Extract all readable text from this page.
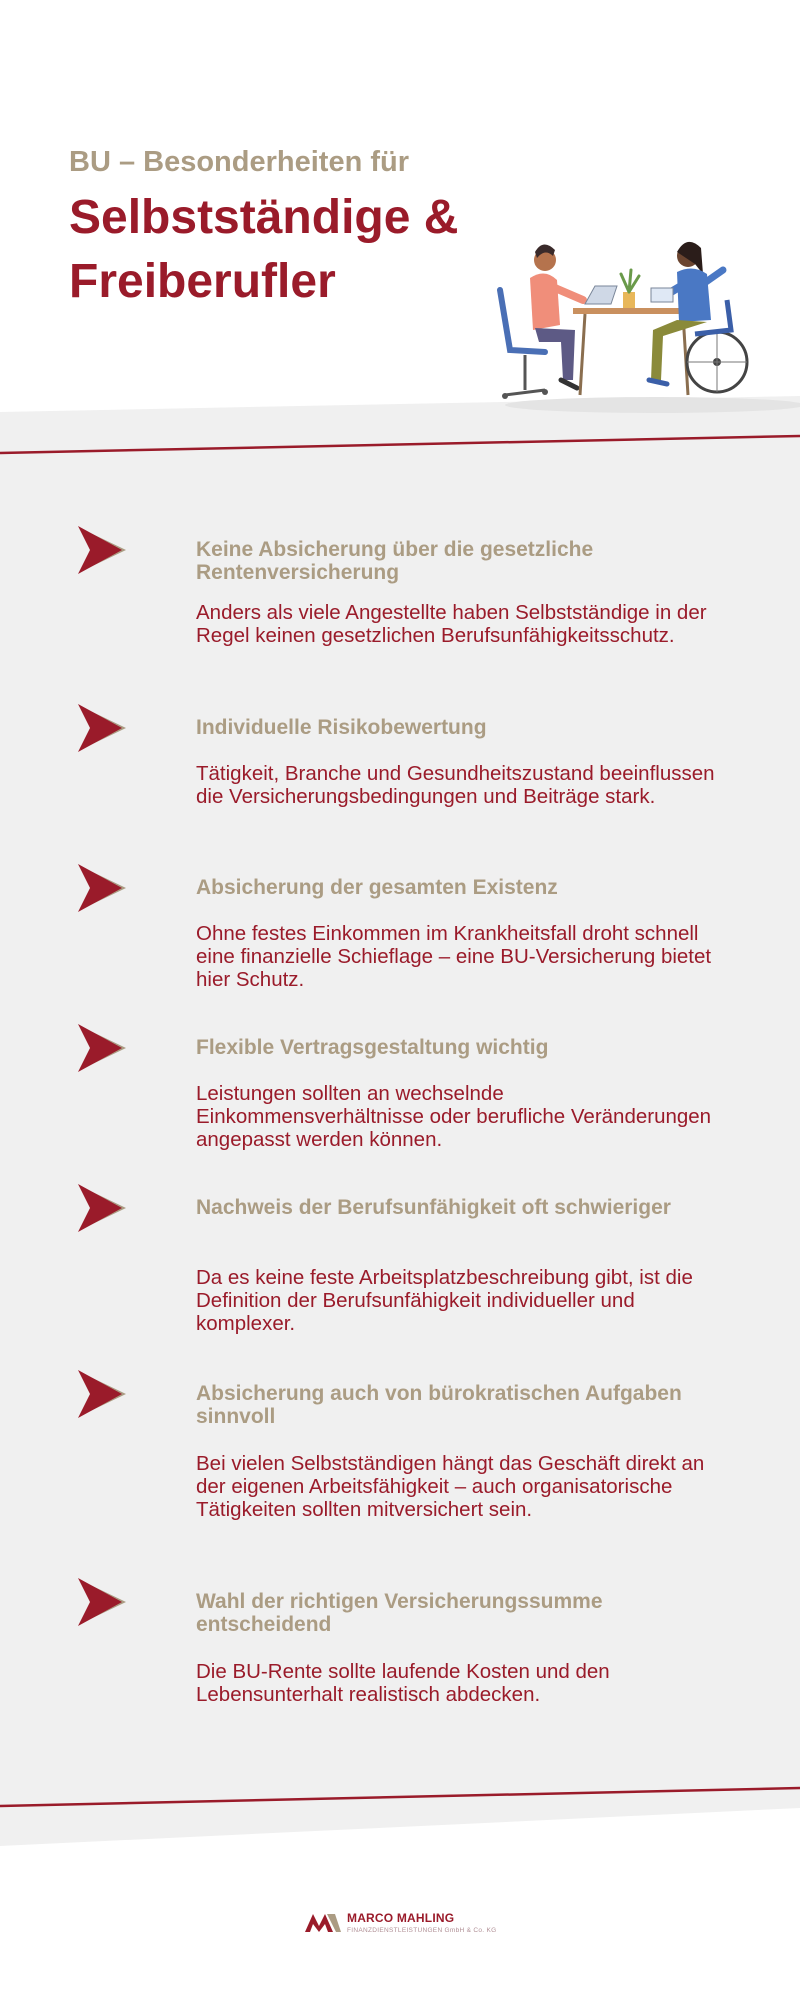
BU – Besonderheiten für
Selbstständige & Freiberufler
Keine Absicherung über die gesetzliche Rentenversicherung
Anders als viele Angestellte haben Selbstständige in der Regel keinen gesetzlichen Berufsunfähigkeitsschutz.
Individuelle Risikobewertung
Tätigkeit, Branche und Gesundheitszustand beeinflussen die Versicherungsbedingungen und Beiträge stark.
Absicherung der gesamten Existenz
Ohne festes Einkommen im Krankheitsfall droht schnell eine finanzielle Schieflage – eine BU-Versicherung bietet hier Schutz.
Flexible Vertragsgestaltung wichtig
Leistungen sollten an wechselnde Einkommensverhältnisse oder berufliche Veränderungen angepasst werden können.
Nachweis der Berufsunfähigkeit oft schwieriger
Da es keine feste Arbeitsplatzbeschreibung gibt, ist die Definition der Berufsunfähigkeit individueller und komplexer.
Absicherung auch von bürokratischen Aufgaben sinnvoll
Bei vielen Selbstständigen hängt das Geschäft direkt an der eigenen Arbeitsfähigkeit – auch organisatorische Tätigkeiten sollten mitversichert sein.
Wahl der richtigen Versicherungssumme entscheidend
Die BU-Rente sollte laufende Kosten und den Lebensunterhalt realistisch abdecken.
MARCO MAHLING
FINANZDIENSTLEISTUNGEN GmbH & Co. KG
